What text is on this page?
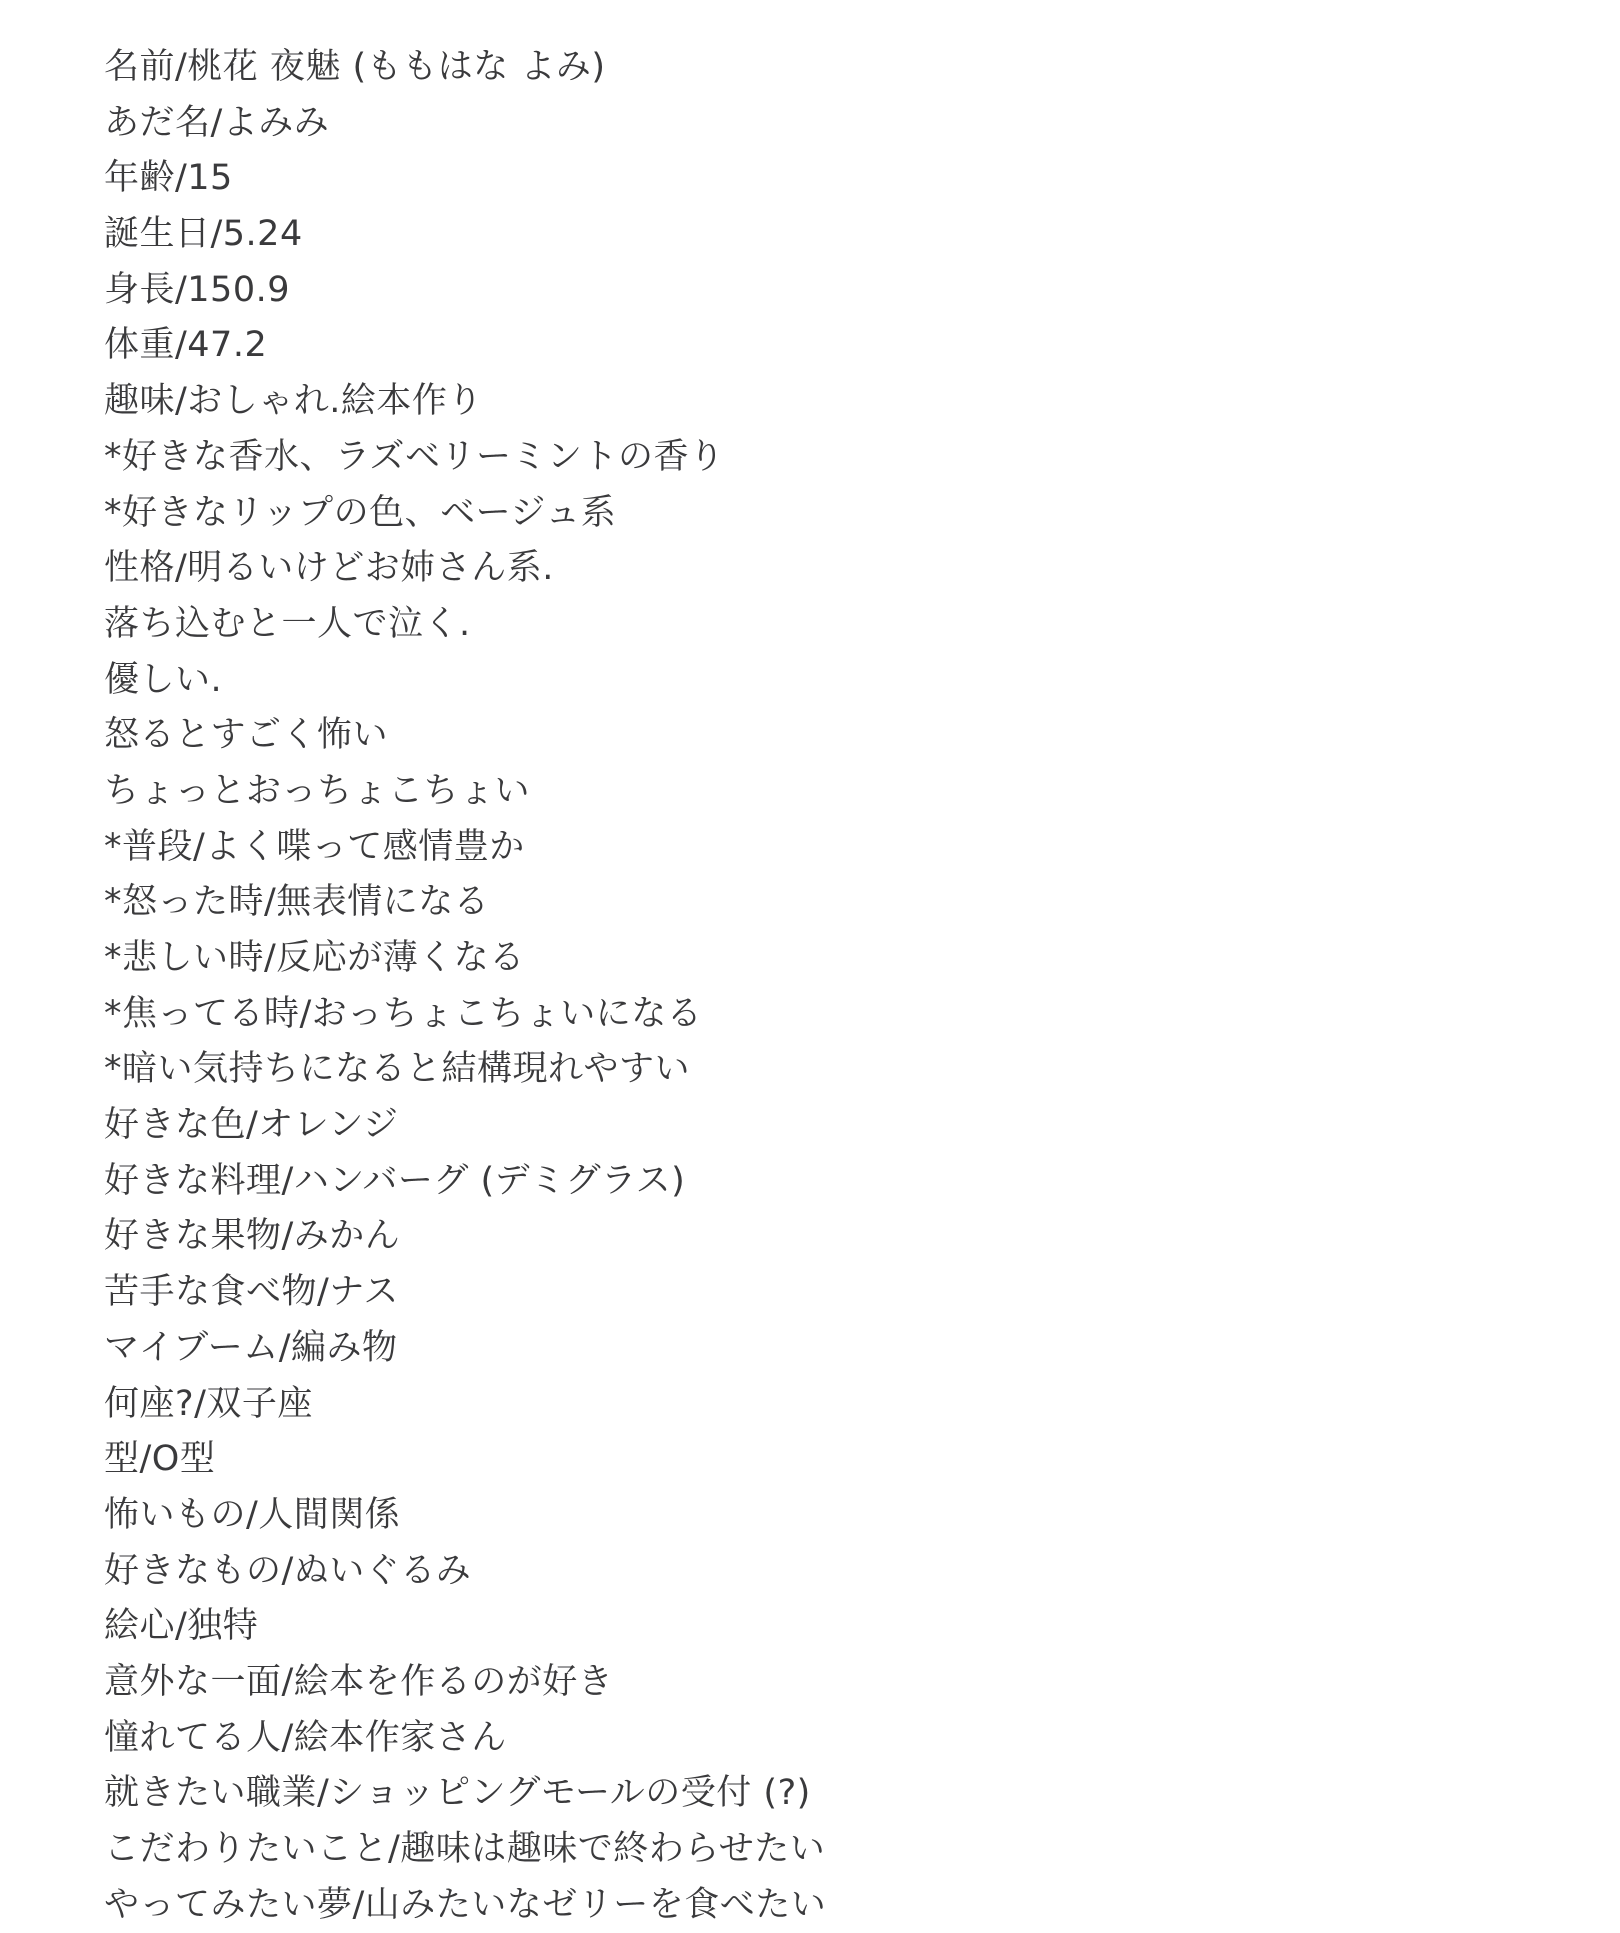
名前/桃花 夜魅 (ももはな よみ)
あだ名/よみみ
年齢/15
誕生日/5.24
身長/150.9
体重/47.2
趣味/おしゃれ.絵本作り
*好きな香水、ラズベリーミントの香り
*好きなリップの色、ベージュ系
性格/明るいけどお姉さん系.
落ち込むと一人で泣く.
優しい.
怒るとすごく怖い
ちょっとおっちょこちょい
*普段/よく喋って感情豊か
*怒った時/無表情になる
*悲しい時/反応が薄くなる
*焦ってる時/おっちょこちょいになる
*暗い気持ちになると結構現れやすい
好きな色/オレンジ
好きな料理/ハンバーグ (デミグラス)
好きな果物/みかん
苦手な食べ物/ナス
マイブーム/編み物
何座?/双子座
型/O型
怖いもの/人間関係
好きなもの/ぬいぐるみ
絵心/独特
意外な一面/絵本を作るのが好き
憧れてる人/絵本作家さん
就きたい職業/ショッピングモールの受付 (?)
こだわりたいこと/趣味は趣味で終わらせたい
やってみたい夢/山みたいなゼリーを食べたい
